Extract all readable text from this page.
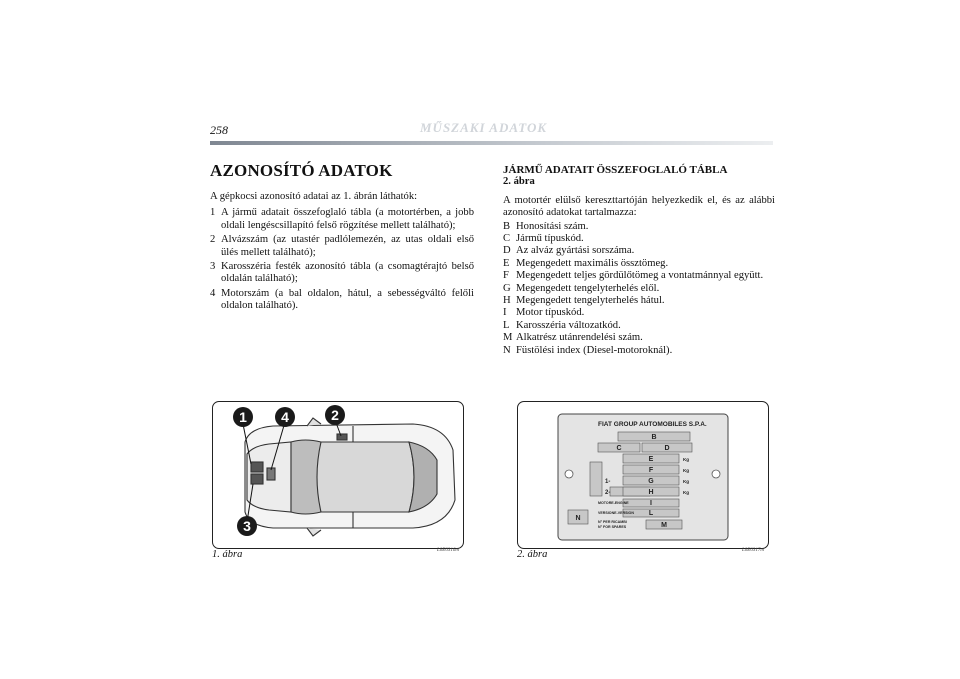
258	MŰSZAKI ADATOK
AZONOSÍTÓ ADATOK

A gépkocsi azonosító adatai az 1. ábrán láthatók:

1 A jármű adatait összefoglaló tábla (a motortérben, a jobb oldali lengéscsillapító felső rögzítése mellett található);
2 Alvázszám (az utastér padlólemezén, az utas oldali első ülés mellett található);
3 Karosszéria festék azonosító tábla (a csomagtérajtó belső oldalán található);
4 Motorszám (a bal oldalon, hátul, a sebességváltó felőli oldalon található).
JÁRMŰ ADATAIT ÖSSZEFOGLALÓ TÁBLA
2. ábra

A motortér elülső kereszttartóján helyezkedik el, és az alábbi azonosító adatokat tartalmazza:

B Honosítási szám.
C Jármű típuskód.
D Az alváz gyártási sorszáma.
E Megengedett maximális össztömeg.
F Megengedett teljes gördülőtömeg a vontatmánnyal együtt.
G Megengedett tengelyterhelés elől.
H Megengedett tengelyterhelés hátul.
I Motor típuskód.
L Karosszéria változatkód.
M Alkatrész utánrendelési szám.
N Füstölési index (Diesel-motoroknál).
1 4	2
3
1. ábra	L0E0316m
FIAT GROUP AUTOMOBILES S.P.A.
B
C	D
E
F
G
H
I
L
M
N
Kg
Kg
Kg
Kg
1-
2-
MOTORE-ENGINE
VERSIONE-VERSION
N° PER RICAMBI
N° FOR SPARES
2. ábra	L0E0317m
